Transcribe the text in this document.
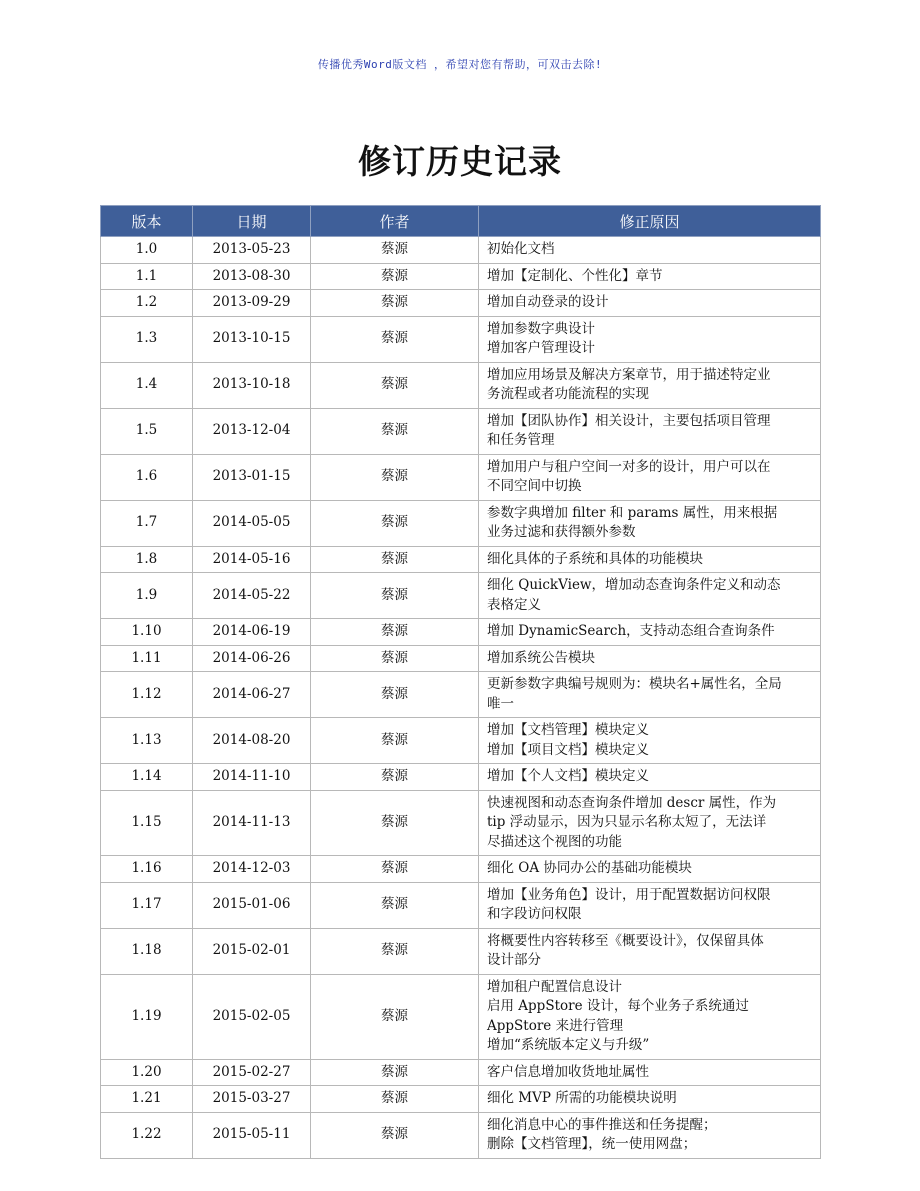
传播优秀Word版文档 ，希望对您有帮助，可双击去除!
修订历史记录
版本	日期	作者	修正原因
1.0	2013-05-23	蔡源	初始化文档

1.1	2013-08-30	蔡源	增加【定制化、个性化】章节

1.2	2013-09-29	蔡源	增加自动登录的设计

1.3	2013-10-15	蔡源	增加参数字典设计
增加客户管理设计

1.4	2013-10-18	蔡源	增加应用场景及解决方案章节，用于描述特定业
务流程或者功能流程的实现

1.5	2013-12-04	蔡源	增加【团队协作】相关设计，主要包括项目管理
和任务管理

1.6	2013-01-15	蔡源	增加用户与租户空间一对多的设计，用户可以在
不同空间中切换

1.7	2014-05-05	蔡源	参数字典增加 filter 和 params 属性，用来根据
业务过滤和获得额外参数

1.8	2014-05-16	蔡源	细化具体的子系统和具体的功能模块

1.9	2014-05-22	蔡源	细化 QuickView，增加动态查询条件定义和动态
表格定义

1.10	2014-06-19	蔡源	增加 DynamicSearch，支持动态组合查询条件

1.11	2014-06-26	蔡源	增加系统公告模块

1.12	2014-06-27	蔡源	更新参数字典编号规则为：模块名+属性名，全局
唯一

1.13	2014-08-20	蔡源	增加【文档管理】模块定义
增加【项目文档】模块定义

1.14	2014-11-10	蔡源	增加【个人文档】模块定义

1.15	2014-11-13	蔡源	快速视图和动态查询条件增加 descr 属性，作为
tip 浮动显示，因为只显示名称太短了，无法详
尽描述这个视图的功能

1.16	2014-12-03	蔡源	细化 OA 协同办公的基础功能模块

1.17	2015-01-06	蔡源	增加【业务角色】设计，用于配置数据访问权限
和字段访问权限

1.18	2015-02-01	蔡源	将概要性内容转移至《概要设计》，仅保留具体
设计部分

1.19	2015-02-05	蔡源	增加租户配置信息设计
启用 AppStore 设计，每个业务子系统通过
AppStore 来进行管理
增加“系统版本定义与升级”

1.20	2015-02-27	蔡源	客户信息增加收货地址属性

1.21	2015-03-27	蔡源	细化 MVP 所需的功能模块说明

1.22	2015-05-11	蔡源	细化消息中心的事件推送和任务提醒；
删除【文档管理】，统一使用网盘；
